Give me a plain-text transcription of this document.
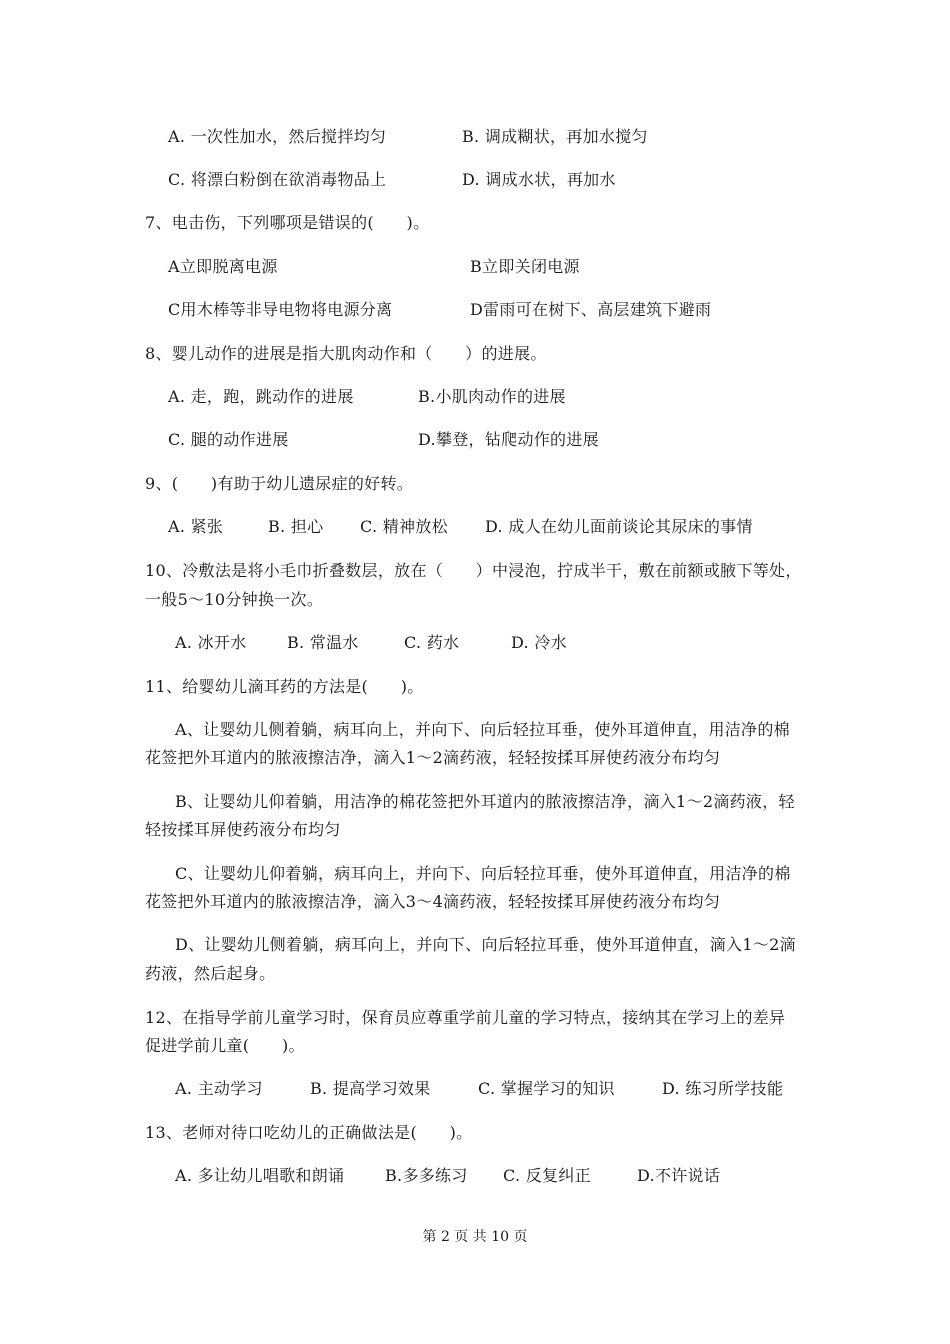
A. 一次性加水，然后搅拌均匀	B. 调成糊状，再加水搅匀
C. 将漂白粉倒在欲消毒物品上	D. 调成水状，再加水
7、电击伤，下列哪项是错误的(　　)。
A立即脱离电源	B立即关闭电源
C用木棒等非导电物将电源分离	D雷雨可在树下、高层建筑下避雨
8、婴儿动作的进展是指大肌肉动作和（　　）的进展。
A. 走，跑，跳动作的进展	B.小肌肉动作的进展
C. 腿的动作进展	D.攀登，钻爬动作的进展
9、(　　)有助于幼儿遗尿症的好转。
A. 紧张	B. 担心 C. 精神放松 D. 成人在幼儿面前谈论其尿床的事情
10、冷敷法是将小毛巾折叠数层，放在（　　）中浸泡，拧成半干，敷在前额或腋下等处，
一般5～10分钟换一次。
A. 冰开水	B. 常温水	C. 药水	D. 冷水
11、给婴幼儿滴耳药的方法是(　　)。
A、让婴幼儿侧着躺，病耳向上，并向下、向后轻拉耳垂，使外耳道伸直，用洁净的棉
花签把外耳道内的脓液擦洁净，滴入1～2滴药液，轻轻按揉耳屏使药液分布均匀
B、让婴幼儿仰着躺，用洁净的棉花签把外耳道内的脓液擦洁净，滴入1～2滴药液，轻
轻按揉耳屏使药液分布均匀
C、让婴幼儿仰着躺，病耳向上，并向下、向后轻拉耳垂，使外耳道伸直，用洁净的棉
花签把外耳道内的脓液擦洁净，滴入3～4滴药液，轻轻按揉耳屏使药液分布均匀
D、让婴幼儿侧着躺，病耳向上，并向下、向后轻拉耳垂，使外耳道伸直，滴入1～2滴
药液，然后起身。
12、在指导学前儿童学习时，保育员应尊重学前儿童的学习特点，接纳其在学习上的差异
促进学前儿童(　　)。
A. 主动学习	B. 提高学习效果	C. 掌握学习的知识	D. 练习所学技能
13、老师对待口吃幼儿的正确做法是(　　)。
A. 多让幼儿唱歌和朗诵	B.多多练习 C. 反复纠正	D.不许说话
第 2 页 共 10 页
